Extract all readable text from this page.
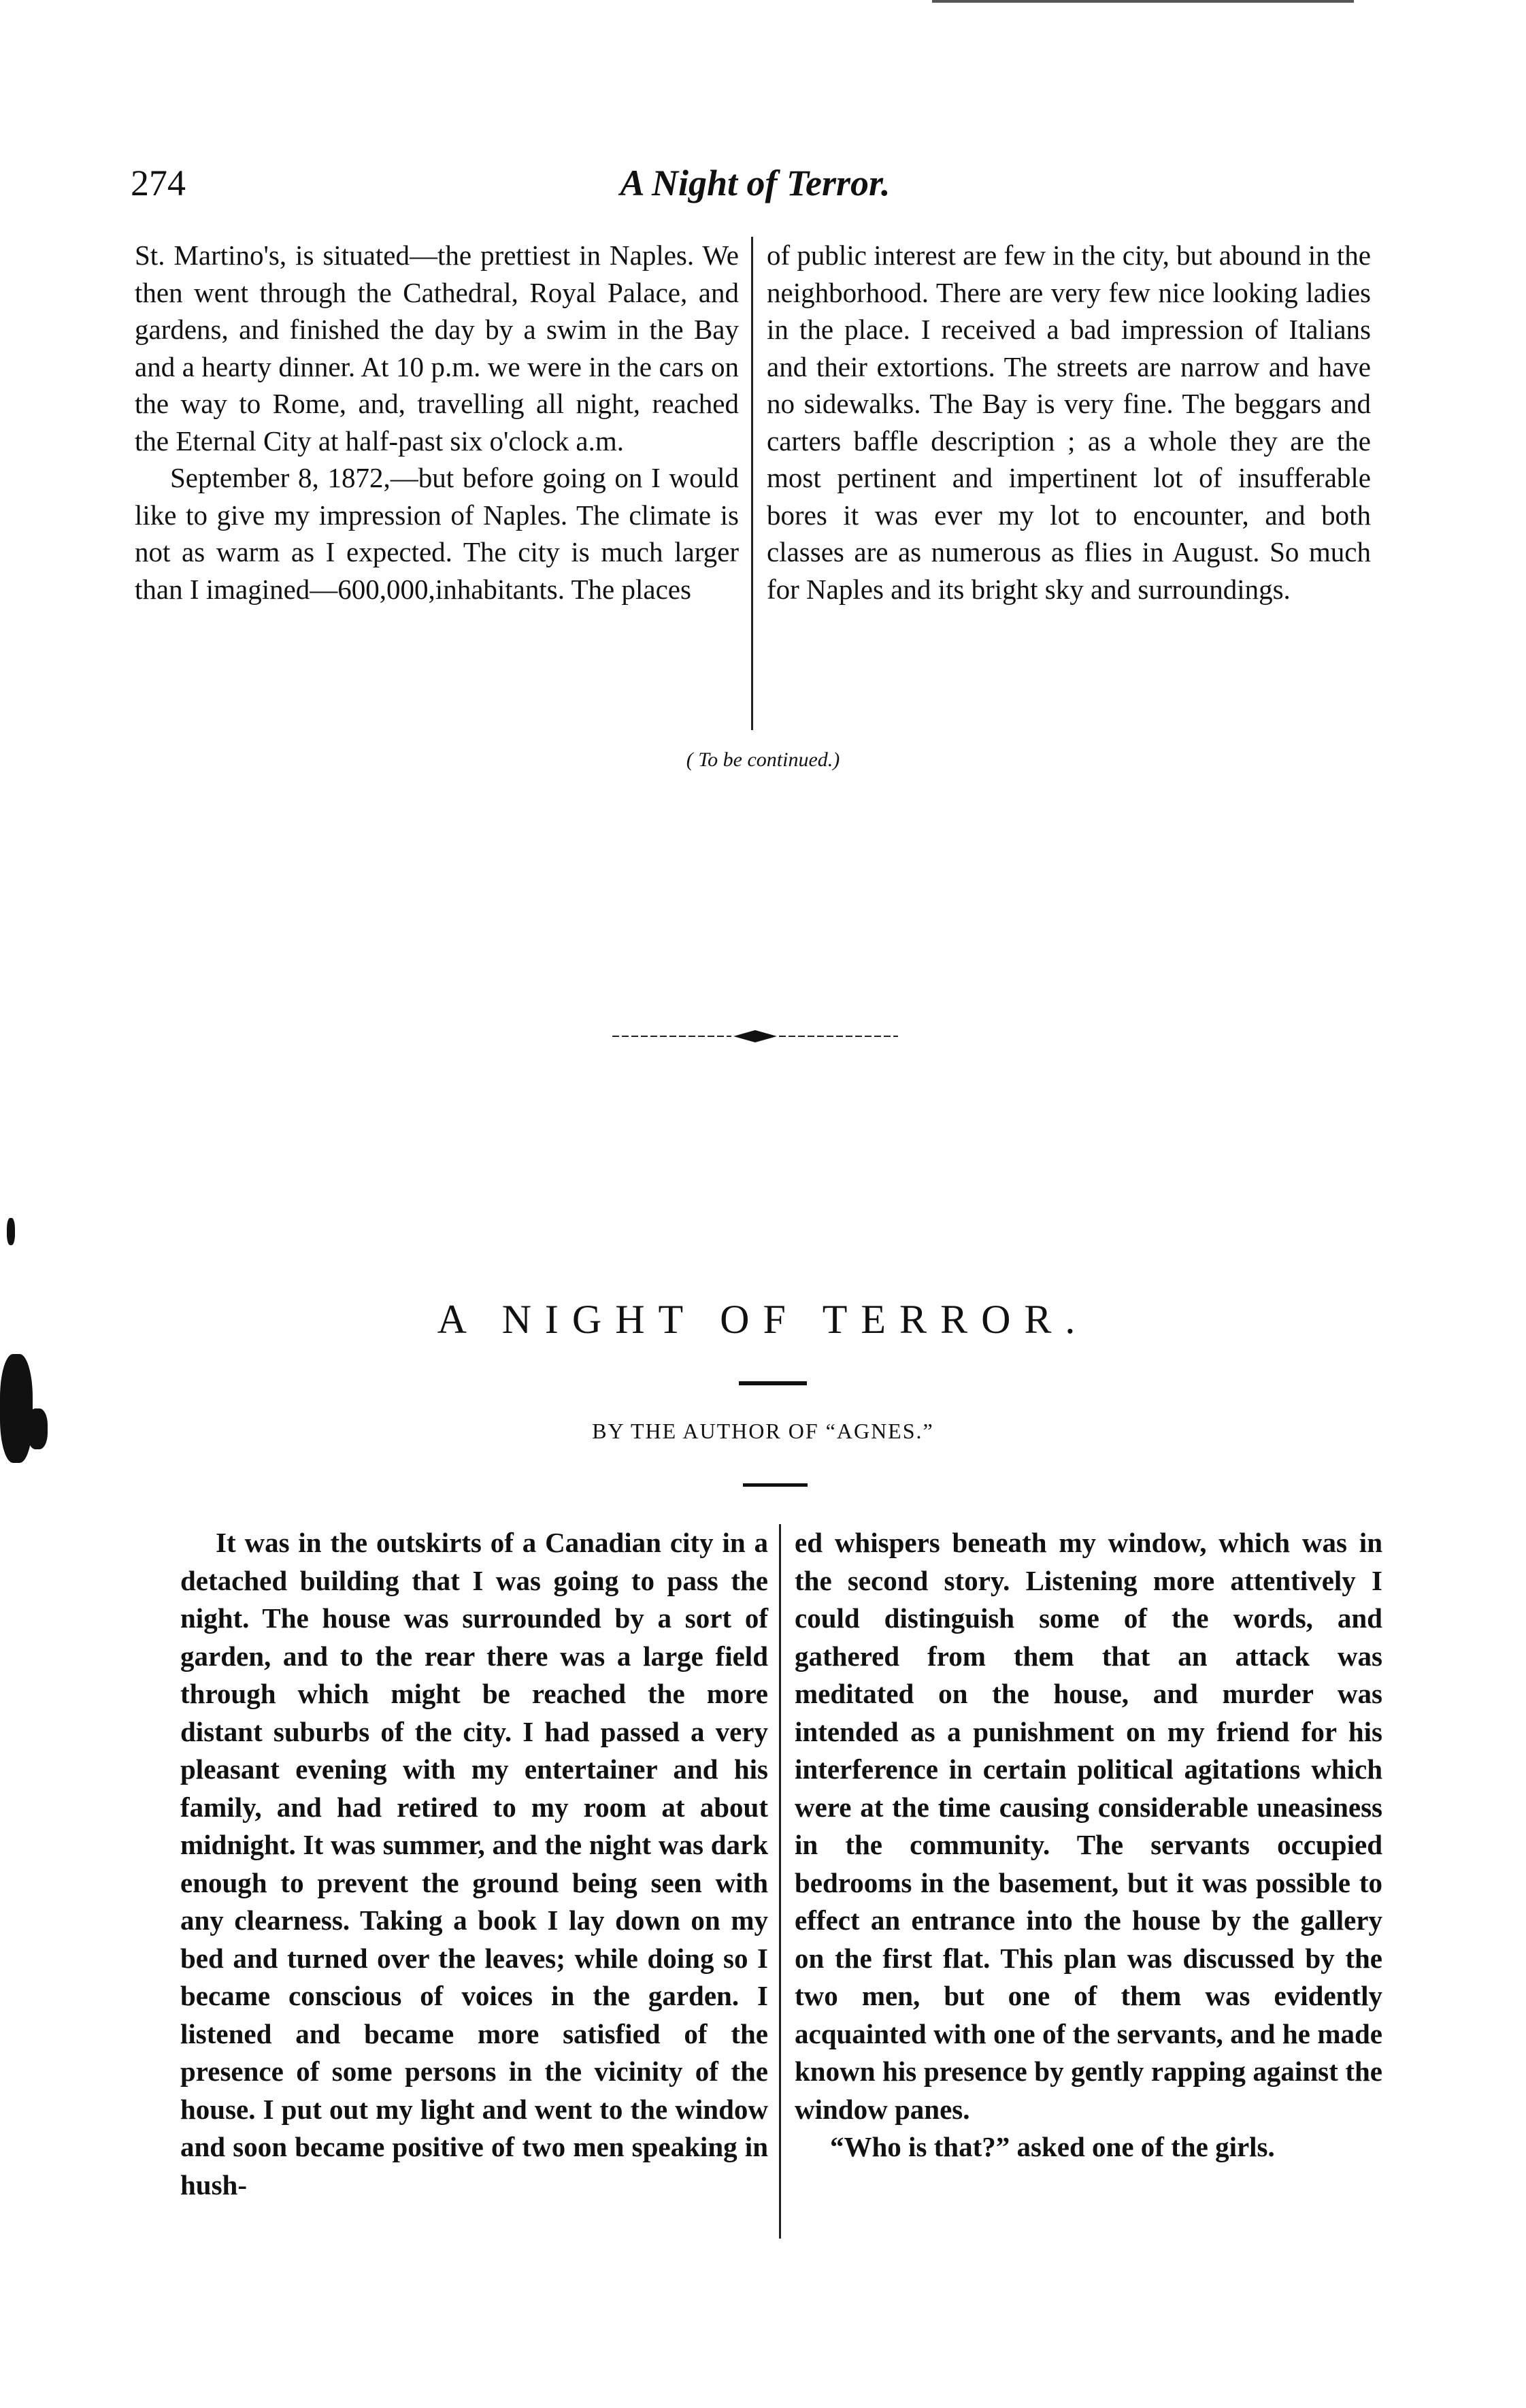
274	A Night of Terror.

St. Martino's, is situated—the prettiest in Naples. We then went through the Cathedral, Royal Palace, and gardens, and finished the day by a swim in the Bay and a hearty dinner. At 10 p.m. we were in the cars on the way to Rome, and, travelling all night, reached the Eternal City at half-past six o'clock a.m.

September 8, 1872,—but before going on I would like to give my impression of Naples. The climate is not as warm as I expected. The city is much larger than I imagined—600,000,inhabitants. The places

of public interest are few in the city, but abound in the neighborhood. There are very few nice looking ladies in the place. I received a bad impression of Italians and their extortions. The streets are narrow and have no sidewalks. The Bay is very fine. The beggars and carters baffle description ; as a whole they are the most pertinent and impertinent lot of insufferable bores it was ever my lot to encounter, and both classes are as numerous as flies in August. So much for Naples and its bright sky and surroundings.

( To be continued.)
A NIGHT OF TERROR.
BY THE AUTHOR OF “AGNES.”

It was in the outskirts of a Canadian city in a detached building that I was going to pass the night. The house was surrounded by a sort of garden, and to the rear there was a large field through which might be reached the more distant suburbs of the city. I had passed a very pleasant evening with my entertainer and his family, and had retired to my room at about midnight. It was summer, and the night was dark enough to prevent the ground being seen with any clearness. Taking a book I lay down on my bed and turned over the leaves; while doing so I became conscious of voices in the garden. I listened and became more satisfied of the presence of some persons in the vicinity of the house. I put out my light and went to the window and soon became positive of two men speaking in hush-

ed whispers beneath my window, which was in the second story. Listening more attentively I could distinguish some of the words, and gathered from them that an attack was meditated on the house, and murder was intended as a punishment on my friend for his interference in certain political agitations which were at the time causing considerable uneasiness in the community. The servants occupied bedrooms in the basement, but it was possible to effect an entrance into the house by the gallery on the first flat. This plan was discussed by the two men, but one of them was evidently acquainted with one of the servants, and he made known his presence by gently rapping against the window panes.

“Who is that?” asked one of the girls.
